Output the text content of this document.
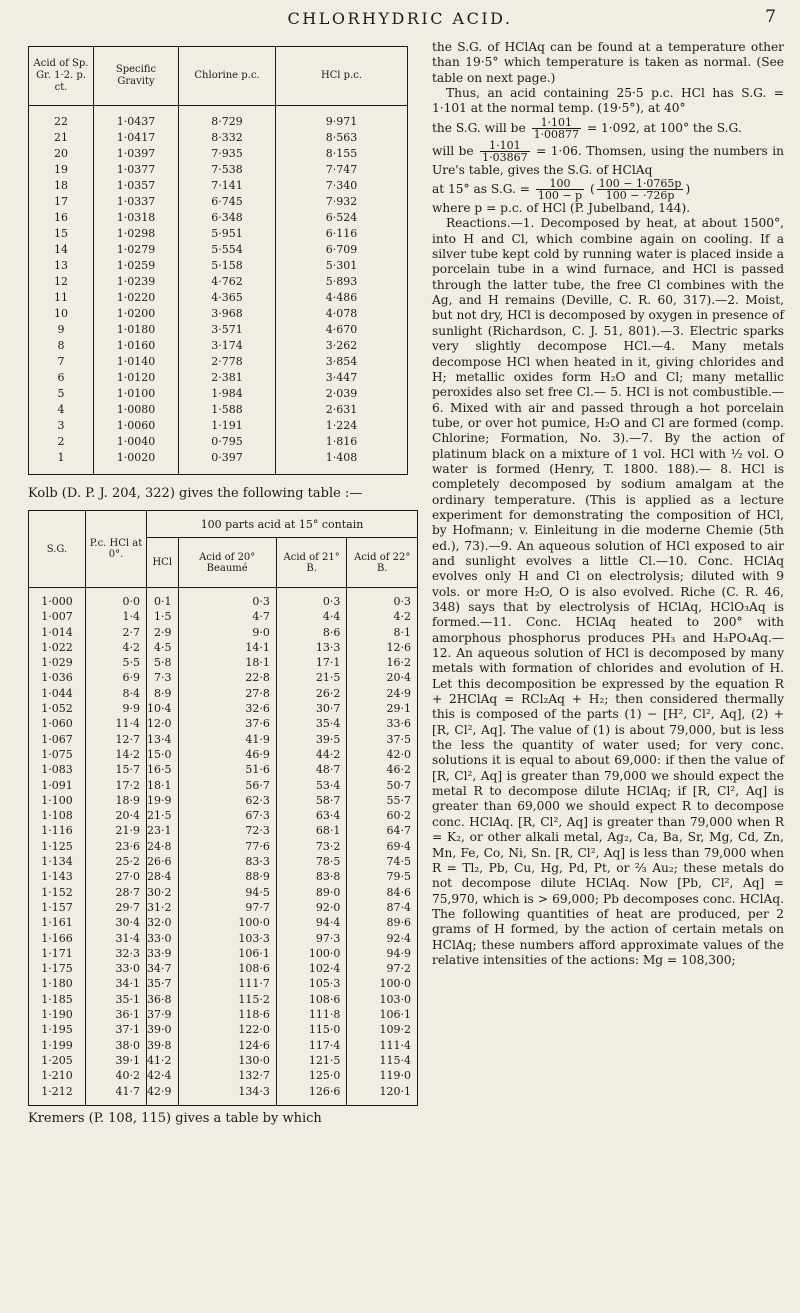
CHLORHYDRIC ACID.	7
Acid of Sp. Gr. 1·2. p. ct.	Specific Gravity	Chlorine p.c.	HCl p.c.

22	1·0437	8·729	9·971
21	1·0417	8·332	8·563
20	1·0397	7·935	8·155
19	1·0377	7·538	7·747
18	1·0357	7·141	7·340
17	1·0337	6·745	7·932
16	1·0318	6·348	6·524
15	1·0298	5·951	6·116
14	1·0279	5·554	6·709
13	1·0259	5·158	5·301
12	1·0239	4·762	5·893
11	1·0220	4·365	4·486
10	1·0200	3·968	4·078
9	1·0180	3·571	4·670
8	1·0160	3·174	3·262
7	1·0140	2·778	3·854
6	1·0120	2·381	3·447
5	1·0100	1·984	2·039
4	1·0080	1·588	2·631
3	1·0060	1·191	1·224
2	1·0040	0·795	1·816
1	1·0020	0·397	1·408

Kolb (D. P. J. 204, 322) gives the following table :—
S.G.	P.c. HCl at 0°.	100 parts acid at 15° contain			
		HCl	Acid of 20° Beaumé	Acid of 21° B.	Acid of 22° B.

1·000	0·0	0·1	0·3	0·3	0·3
1·007	1·4	1·5	4·7	4·4	4·2
1·014	2·7	2·9	9·0	8·6	8·1
1·022	4·2	4·5	14·1	13·3	12·6
1·029	5·5	5·8	18·1	17·1	16·2
1·036	6·9	7·3	22·8	21·5	20·4
1·044	8·4	8·9	27·8	26·2	24·9
1·052	9·9	10·4	32·6	30·7	29·1
1·060	11·4	12·0	37·6	35·4	33·6
1·067	12·7	13·4	41·9	39·5	37·5
1·075	14·2	15·0	46·9	44·2	42·0
1·083	15·7	16·5	51·6	48·7	46·2
1·091	17·2	18·1	56·7	53·4	50·7
1·100	18·9	19·9	62·3	58·7	55·7
1·108	20·4	21·5	67·3	63·4	60·2
1·116	21·9	23·1	72·3	68·1	64·7
1·125	23·6	24·8	77·6	73·2	69·4
1·134	25·2	26·6	83·3	78·5	74·5
1·143	27·0	28·4	88·9	83·8	79·5
1·152	28·7	30·2	94·5	89·0	84·6
1·157	29·7	31·2	97·7	92·0	87·4
1·161	30·4	32·0	100·0	94·4	89·6
1·166	31·4	33·0	103·3	97·3	92·4
1·171	32·3	33·9	106·1	100·0	94·9
1·175	33·0	34·7	108·6	102·4	97·2
1·180	34·1	35·7	111·7	105·3	100·0
1·185	35·1	36·8	115·2	108·6	103·0
1·190	36·1	37·9	118·6	111·8	106·1
1·195	37·1	39·0	122·0	115·0	109·2
1·199	38·0	39·8	124·6	117·4	111·4
1·205	39·1	41·2	130·0	121·5	115·4
1·210	40·2	42·4	132·7	125·0	119·0
1·212	41·7	42·9	134·3	126·6	120·1

Kremers (P. 108, 115) gives a table by which

the S.G. of HClAq can be found at a temperature other than 19·5° which temperature is taken as normal. (See table on next page.)

Thus, an acid containing 25·5 p.c. HCl has S.G. = 1·101 at the normal temp. (19·5°), at 40°

the S.G. will be $\frac{1\cdot 101}{1\cdot 00877} = 1\cdot 092$, at 100° the S.G.
will be $\frac{1\cdot 101}{1\cdot 03867} = 1\cdot 06$. Thomsen, using the numbers in Ure's table, gives the S.G. of HClAq
at 15° as S.G. = $\frac{100}{100 - p}$ ( $\frac{100 - 1\cdot 0765p}{100 - \cdot 726p}$ )

where p = p.c. of HCl (P. Jubelband, 144).

Reactions.—1. Decomposed by heat, at about 1500°, into H and Cl, which combine again on cooling. If a silver tube kept cold by running water is placed inside a porcelain tube in a wind furnace, and HCl is passed through the latter tube, the free Cl combines with the Ag, and H remains (Deville, C. R. 60, 317).—2. Moist, but not dry, HCl is decomposed by oxygen in presence of sunlight (Richardson, C. J. 51, 801).—3. Electric sparks very slightly decompose HCl.—4. Many metals decompose HCl when heated in it, giving chlorides and H; metallic oxides form H₂O and Cl; many metallic peroxides also set free Cl.— 5. HCl is not combustible.— 6. Mixed with air and passed through a hot porcelain tube, or over hot pumice, H₂O and Cl are formed (comp. Chlorine; Formation, No. 3).—7. By the action of platinum black on a mixture of 1 vol. HCl with ½ vol. O water is formed (Henry, T. 1800. 188).— 8. HCl is completely decomposed by sodium amalgam at the ordinary temperature. (This is applied as a lecture experiment for demonstrating the composition of HCl, by Hofmann; v. Einleitung in die moderne Chemie (5th ed.), 73).—9. An aqueous solution of HCl exposed to air and sunlight evolves a little Cl.—10. Conc. HClAq evolves only H and Cl on electrolysis; diluted with 9 vols. or more H₂O, O is also evolved. Riche (C. R. 46, 348) says that by electrolysis of HClAq, HClO₃Aq is formed.—11. Conc. HClAq heated to 200° with amorphous phosphorus produces PH₃ and H₃PO₄Aq.—12. An aqueous solution of HCl is decomposed by many metals with formation of chlorides and evolution of H. Let this decomposition be expressed by the equation R + 2HClAq = RCl₂Aq + H₂; then considered thermally this is composed of the parts (1) − [H², Cl², Aq], (2) + [R, Cl², Aq]. The value of (1) is about 79,000, but is less the less the quantity of water used; for very conc. solutions it is equal to about 69,000: if then the value of [R, Cl², Aq] is greater than 79,000 we should expect the metal R to decompose dilute HClAq; if [R, Cl², Aq] is greater than 69,000 we should expect R to decompose conc. HClAq. [R, Cl², Aq] is greater than 79,000 when R = K₂, or other alkali metal, Ag₂, Ca, Ba, Sr, Mg, Cd, Zn, Mn, Fe, Co, Ni, Sn. [R, Cl², Aq] is less than 79,000 when R = Tl₂, Pb, Cu, Hg, Pd, Pt, or ⅔ Au₂; these metals do not decompose dilute HClAq. Now [Pb, Cl², Aq] = 75,970, which is > 69,000; Pb decomposes conc. HClAq. The following quantities of heat are produced, per 2 grams of H formed, by the action of certain metals on HClAq; these numbers afford approximate values of the relative intensities of the actions: Mg = 108,300;
